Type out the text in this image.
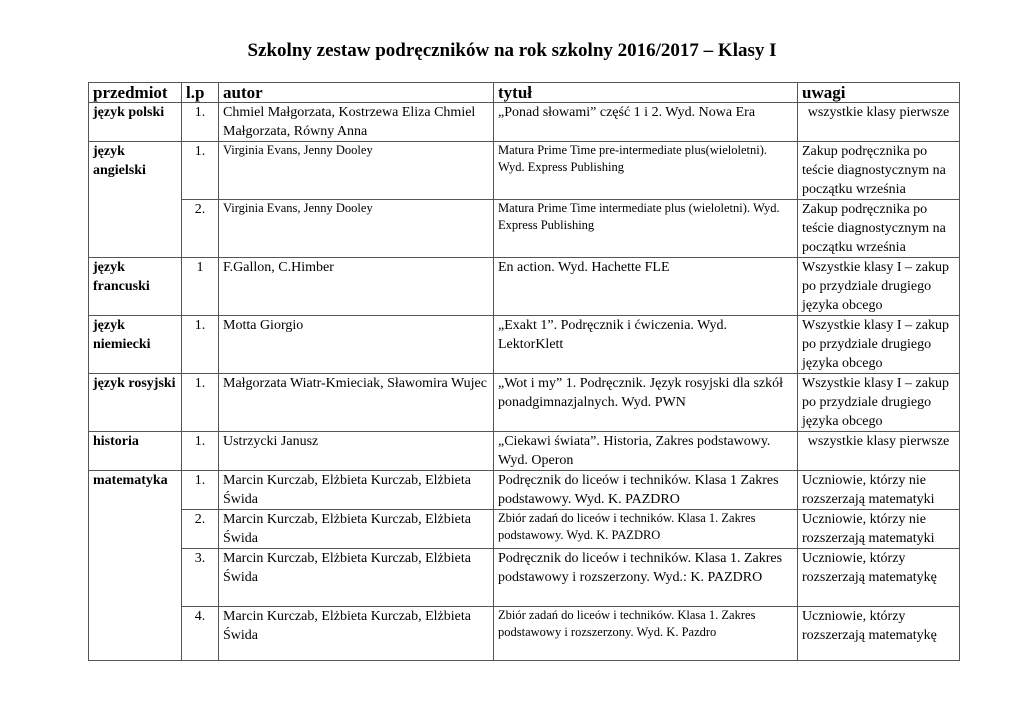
Szkolny zestaw podręczników na rok szkolny 2016/2017 – Klasy I
przedmiot	l.p	autor	tytuł	uwagi
język polski	1.	Chmiel Małgorzata, Kostrzewa Eliza Chmiel Małgorzata, Równy Anna	„Ponad słowami” część 1 i 2. Wyd. Nowa Era	wszystkie klasy pierwsze
język angielski	1.	Virginia Evans, Jenny Dooley	Matura Prime Time pre-intermediate plus(wieloletni). Wyd. Express Publishing	Zakup podręcznika po teście diagnostycznym na początku września
	2.	Virginia Evans, Jenny Dooley	Matura Prime Time intermediate plus (wieloletni). Wyd. Express Publishing	Zakup podręcznika po teście diagnostycznym na początku września
język francuski	1	F.Gallon, C.Himber	En action. Wyd. Hachette FLE	Wszystkie klasy I – zakup po przydziale drugiego języka obcego
język niemiecki	1.	Motta Giorgio	„Exakt 1”. Podręcznik i ćwiczenia. Wyd. LektorKlett	Wszystkie klasy I – zakup po przydziale drugiego języka obcego
język rosyjski	1.	Małgorzata Wiatr-Kmieciak, Sławomira Wujec	„Wot i my” 1. Podręcznik. Język rosyjski dla szkół ponadgimnazjalnych. Wyd. PWN	Wszystkie klasy I – zakup po przydziale drugiego języka obcego
historia	1.	Ustrzycki Janusz	„Ciekawi świata”. Historia, Zakres podstawowy. Wyd. Operon	wszystkie klasy pierwsze
matematyka	1.	Marcin Kurczab, Elżbieta Kurczab, Elżbieta Świda	Podręcznik do liceów i techników. Klasa 1 Zakres podstawowy. Wyd. K. PAZDRO	Uczniowie, którzy nie rozszerzają matematyki
	2.	Marcin Kurczab, Elżbieta Kurczab, Elżbieta Świda	Zbiór zadań do liceów i techników. Klasa 1. Zakres podstawowy. Wyd. K. PAZDRO	Uczniowie, którzy nie rozszerzają matematyki
	3.	Marcin Kurczab, Elżbieta Kurczab, Elżbieta Świda	Podręcznik do liceów i techników. Klasa 1. Zakres podstawowy i rozszerzony. Wyd.: K. PAZDRO	Uczniowie, którzy rozszerzają matematykę
	4.	Marcin Kurczab, Elżbieta Kurczab, Elżbieta Świda	Zbiór zadań do liceów i techników. Klasa 1. Zakres podstawowy i rozszerzony. Wyd. K. Pazdro	Uczniowie, którzy rozszerzają matematykę
